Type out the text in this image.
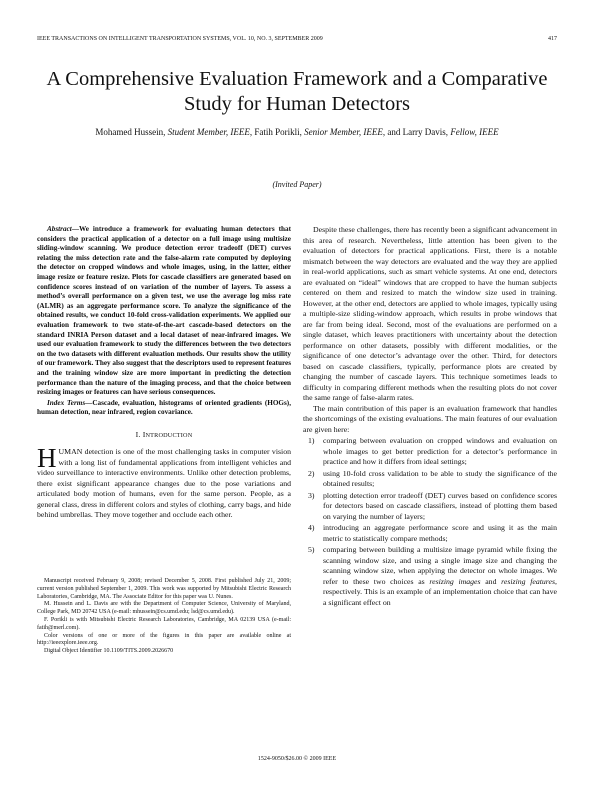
IEEE TRANSACTIONS ON INTELLIGENT TRANSPORTATION SYSTEMS, VOL. 10, NO. 3, SEPTEMBER 2009	417
A Comprehensive Evaluation Framework and a Comparative Study for Human Detectors
Mohamed Hussein, Student Member, IEEE, Fatih Porikli, Senior Member, IEEE, and Larry Davis, Fellow, IEEE
(Invited Paper)

Abstract—We introduce a framework for evaluating human detectors that considers the practical application of a detector on a full image using multisize sliding-window scanning. We produce detection error tradeoff (DET) curves relating the miss detection rate and the false-alarm rate computed by deploying the detector on cropped windows and whole images, using, in the latter, either image resize or feature resize. Plots for cascade classifiers are generated based on confidence scores instead of on variation of the number of layers. To assess a method’s overall performance on a given test, we use the average log miss rate (ALMR) as an aggregate performance score. To analyze the significance of the obtained results, we conduct 10-fold cross-validation experiments. We applied our evaluation framework to two state-of-the-art cascade-based detectors on the standard INRIA Person dataset and a local dataset of near-infrared images. We used our evaluation framework to study the differences between the two detectors on the two datasets with different evaluation methods. Our results show the utility of our framework. They also suggest that the descriptors used to represent features and the training window size are more important in predicting the detection performance than the nature of the imaging process, and that the choice between resizing images or features can have serious consequences.

Index Terms—Cascade, evaluation, histograms of oriented gradients (HOGs), human detection, near infrared, region covariance.

I. INTRODUCTION

HUMAN detection is one of the most challenging tasks in computer vision with a long list of fundamental applications from intelligent vehicles and video surveillance to interactive environments. Unlike other detection problems, there exist significant appearance changes due to the pose variations and articulated body motion of humans, even for the same person. People, as a general class, dress in different colors and styles of clothing, carry bags, and hide behind umbrellas. They move together and occlude each other.

Manuscript received February 9, 2008; revised December 5, 2008. First published July 21, 2009; current version published September 1, 2009. This work was supported by Mitsubishi Electric Research Laboratories, Cambridge, MA. The Associate Editor for this paper was U. Nunes.

M. Hussein and L. Davis are with the Department of Computer Science, University of Maryland, College Park, MD 20742 USA (e-mail: mhussein@cs.umd.edu; lsd@cs.umd.edu).

F. Porikli is with Mitsubishi Electric Research Laboratories, Cambridge, MA 02139 USA (e-mail: fatih@merl.com).

Color versions of one or more of the figures in this paper are available online at http://ieeexplore.ieee.org.

Digital Object Identifier 10.1109/TITS.2009.2026670

Despite these challenges, there has recently been a significant advancement in this area of research. Nevertheless, little attention has been given to the evaluation of detectors for practical applications. First, there is a notable mismatch between the way detectors are evaluated and the way they are applied in real-world applications, such as smart vehicle systems. At one end, detectors are evaluated on “ideal” windows that are cropped to have the human subjects centered on them and resized to match the window size used in training. However, at the other end, detectors are applied to whole images, typically using a multiple-size sliding-window approach, which results in probe windows that are far from being ideal. Second, most of the evaluations are performed on a single dataset, which leaves practitioners with uncertainty about the detection performance on other datasets, possibly with different modalities, or the significance of one detector’s advantage over the other. Third, for detectors based on cascade classifiers, typically, performance plots are created by changing the number of cascade layers. This technique sometimes leads to difficulty in comparing different methods when the resulting plots do not cover the same range of false-alarm rates.

The main contribution of this paper is an evaluation framework that handles the shortcomings of the existing evaluations. The main features of our evaluation are given here:

1) comparing between evaluation on cropped windows and evaluation on whole images to get better prediction for a detector’s performance in practice and how it differs from ideal settings;
2) using 10-fold cross validation to be able to study the significance of the obtained results;
3) plotting detection error tradeoff (DET) curves based on confidence scores for detectors based on cascade classifiers, instead of plotting them based on varying the number of layers;
4) introducing an aggregate performance score and using it as the main metric to statistically compare methods;
5) comparing between building a multisize image pyramid while fixing the scanning window size, and using a single image size and changing the scanning window size, when applying the detector on whole images. We refer to these two choices as resizing images and resizing features, respectively. This is an example of an implementation choice that can have a significant effect on
1524-9050/$26.00 © 2009 IEEE
